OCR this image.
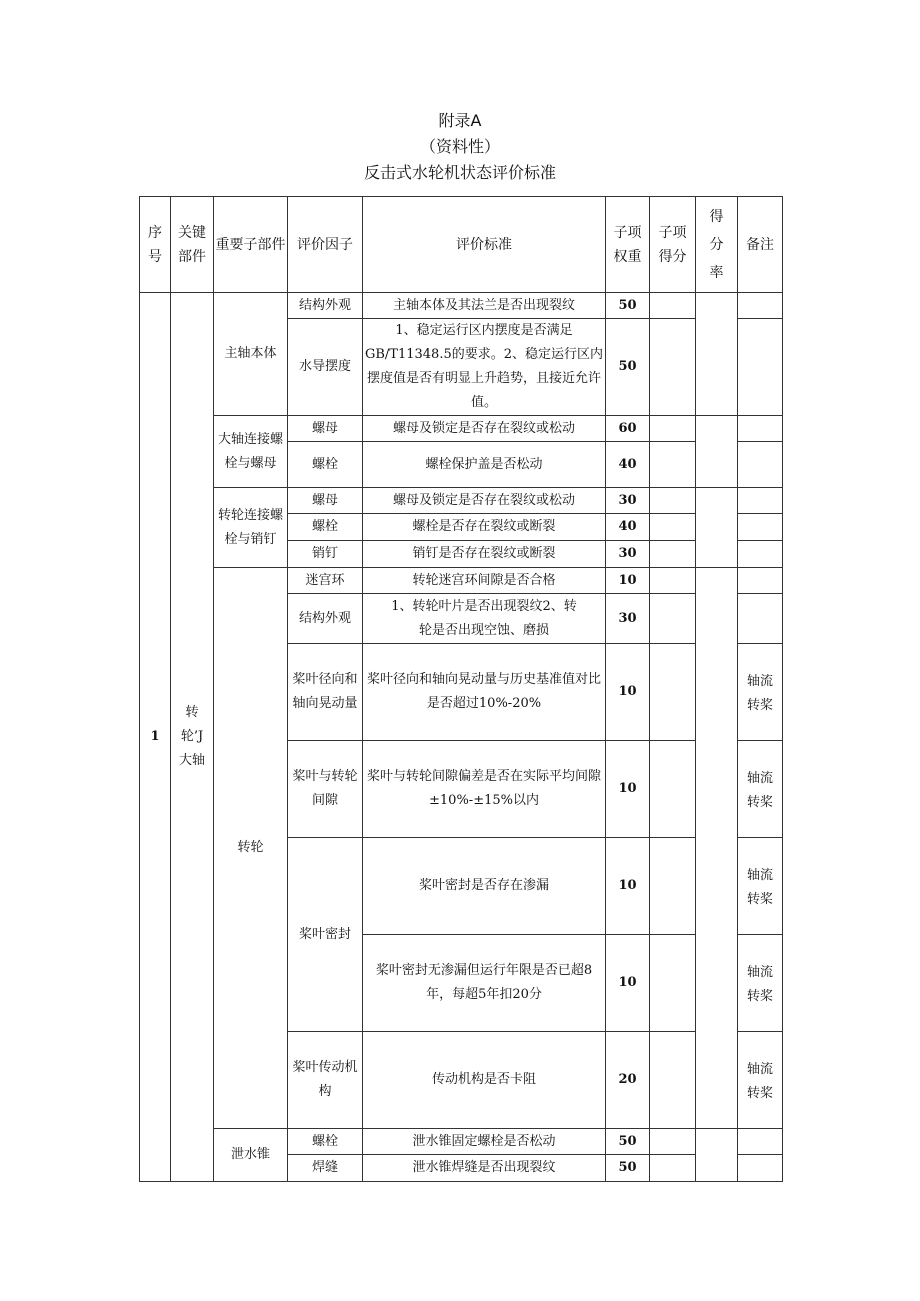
附录A
（资料性）
反击式水轮机状态评价标准
序号	关键部件	重要子部件	评价因子	评价标准	子项权重	子项得分	得分率	备注
1	转轮’J大轴	主轴本体	结构外观	主轴本体及其法兰是否出现裂纹	50			
			水导摆度	1、稳定运行区内摆度是否满足GB/T11348.5的要求。2、稳定运行区内摆度值是否有明显上升趋势，且接近允许值。	50			
		大轴连接螺栓与螺母	螺母	螺母及锁定是否存在裂纹或松动	60			
			螺栓	螺栓保护盖是否松动	40			
		转轮连接螺栓与销钉	螺母	螺母及锁定是否存在裂纹或松动	30			
			螺栓	螺栓是否存在裂纹或断裂	40			
			销钉	销钉是否存在裂纹或断裂	30			
		转轮	迷宫环	转轮迷宫环间隙是否合格	10			
			结构外观	1、转轮叶片是否出现裂纹2、转轮是否出现空蚀、磨损	30			
			桨叶径向和轴向晃动量	桨叶径向和轴向晃动量与历史基准值对比是否超过10%-20%	10			轴流转桨
			桨叶与转轮间隙	桨叶与转轮间隙偏差是否在实际平均间隙±10%-±15%以内	10			轴流转桨
			桨叶密封	桨叶密封是否存在渗漏	10			轴流转桨
				桨叶密封无渗漏但运行年限是否已超8年，每超5年扣20分	10			轴流转桨
			桨叶传动机构	传动机构是否卡阻	20			轴流转桨
		泄水锥	螺栓	泄水锥固定螺栓是否松动	50			
			焊缝	泄水锥焊缝是否出现裂纹	50			
